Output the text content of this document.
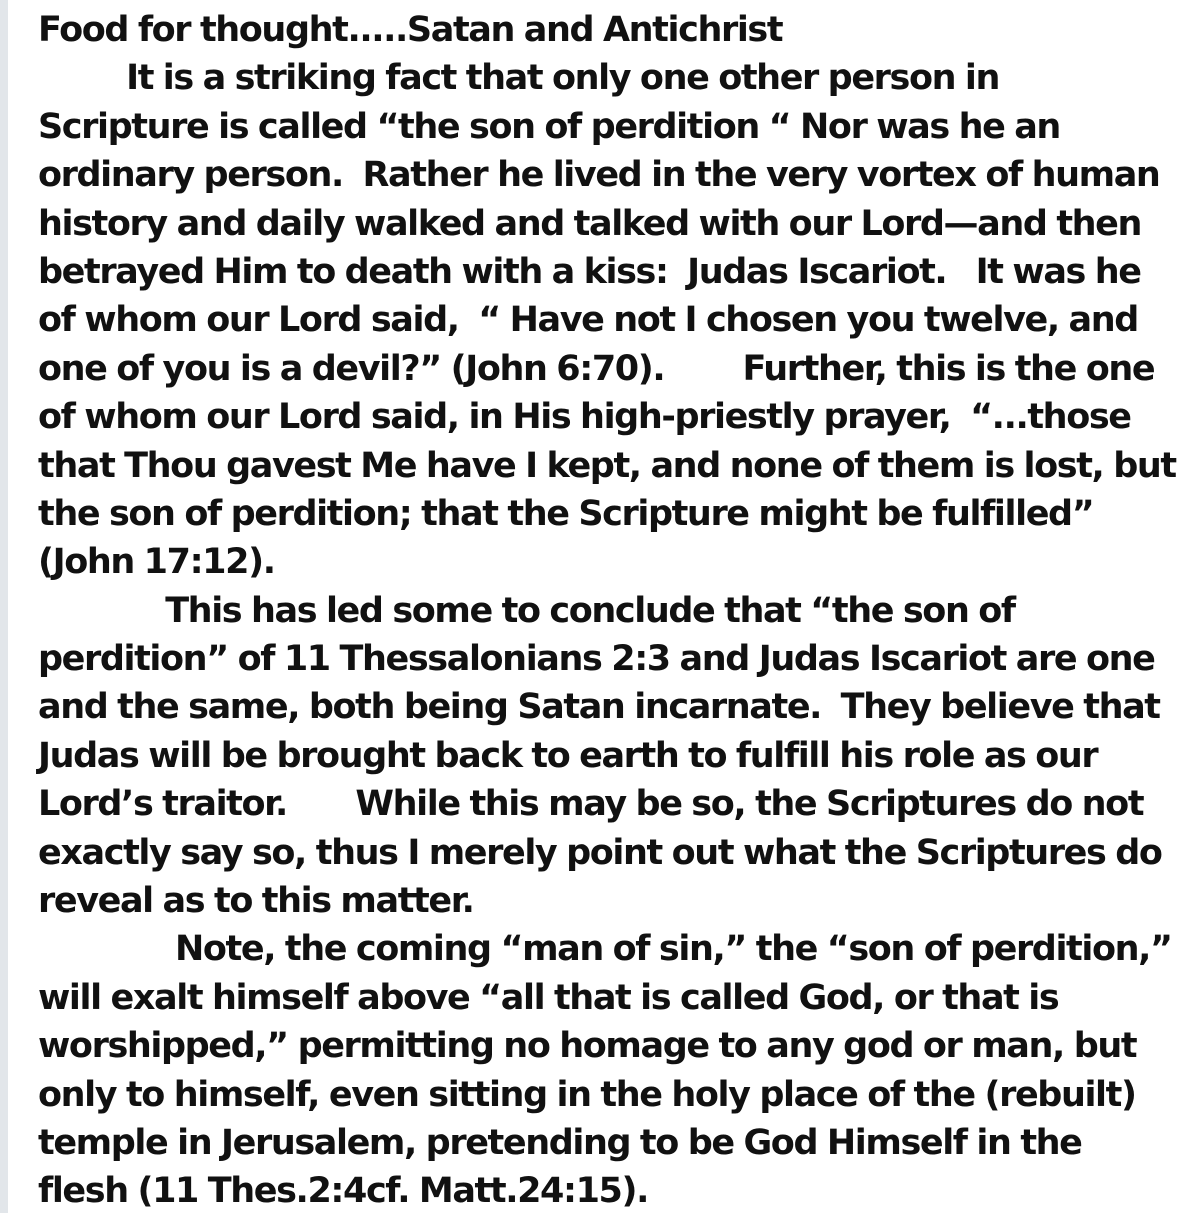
Food for thought.....Satan and Antichrist
It is a striking fact that only one other person in
Scripture is called “the son of perdition “ Nor was he an
ordinary person.  Rather he lived in the very vortex of human
history and daily walked and talked with our Lord—and then
betrayed Him to death with a kiss:  Judas Iscariot.   It was he
of whom our Lord said,  “ Have not I chosen you twelve, and
one of you is a devil?” (John 6:70).        Further, this is the one
of whom our Lord said, in His high-priestly prayer,  “...those
that Thou gavest Me have I kept, and none of them is lost, but
the son of perdition; that the Scripture might be fulfilled”
(John 17:12).
This has led some to conclude that “the son of
perdition” of 11 Thessalonians 2:3 and Judas Iscariot are one
and the same, both being Satan incarnate.  They believe that
Judas will be brought back to earth to fulfill his role as our
Lord’s traitor.       While this may be so, the Scriptures do not
exactly say so, thus I merely point out what the Scriptures do
reveal as to this matter.
Note, the coming “man of sin,” the “son of perdition,”
will exalt himself above “all that is called God, or that is
worshipped,” permitting no homage to any god or man, but
only to himself, even sitting in the holy place of the (rebuilt)
temple in Jerusalem, pretending to be God Himself in the
flesh (11 Thes.2:4cf. Matt.24:15).
